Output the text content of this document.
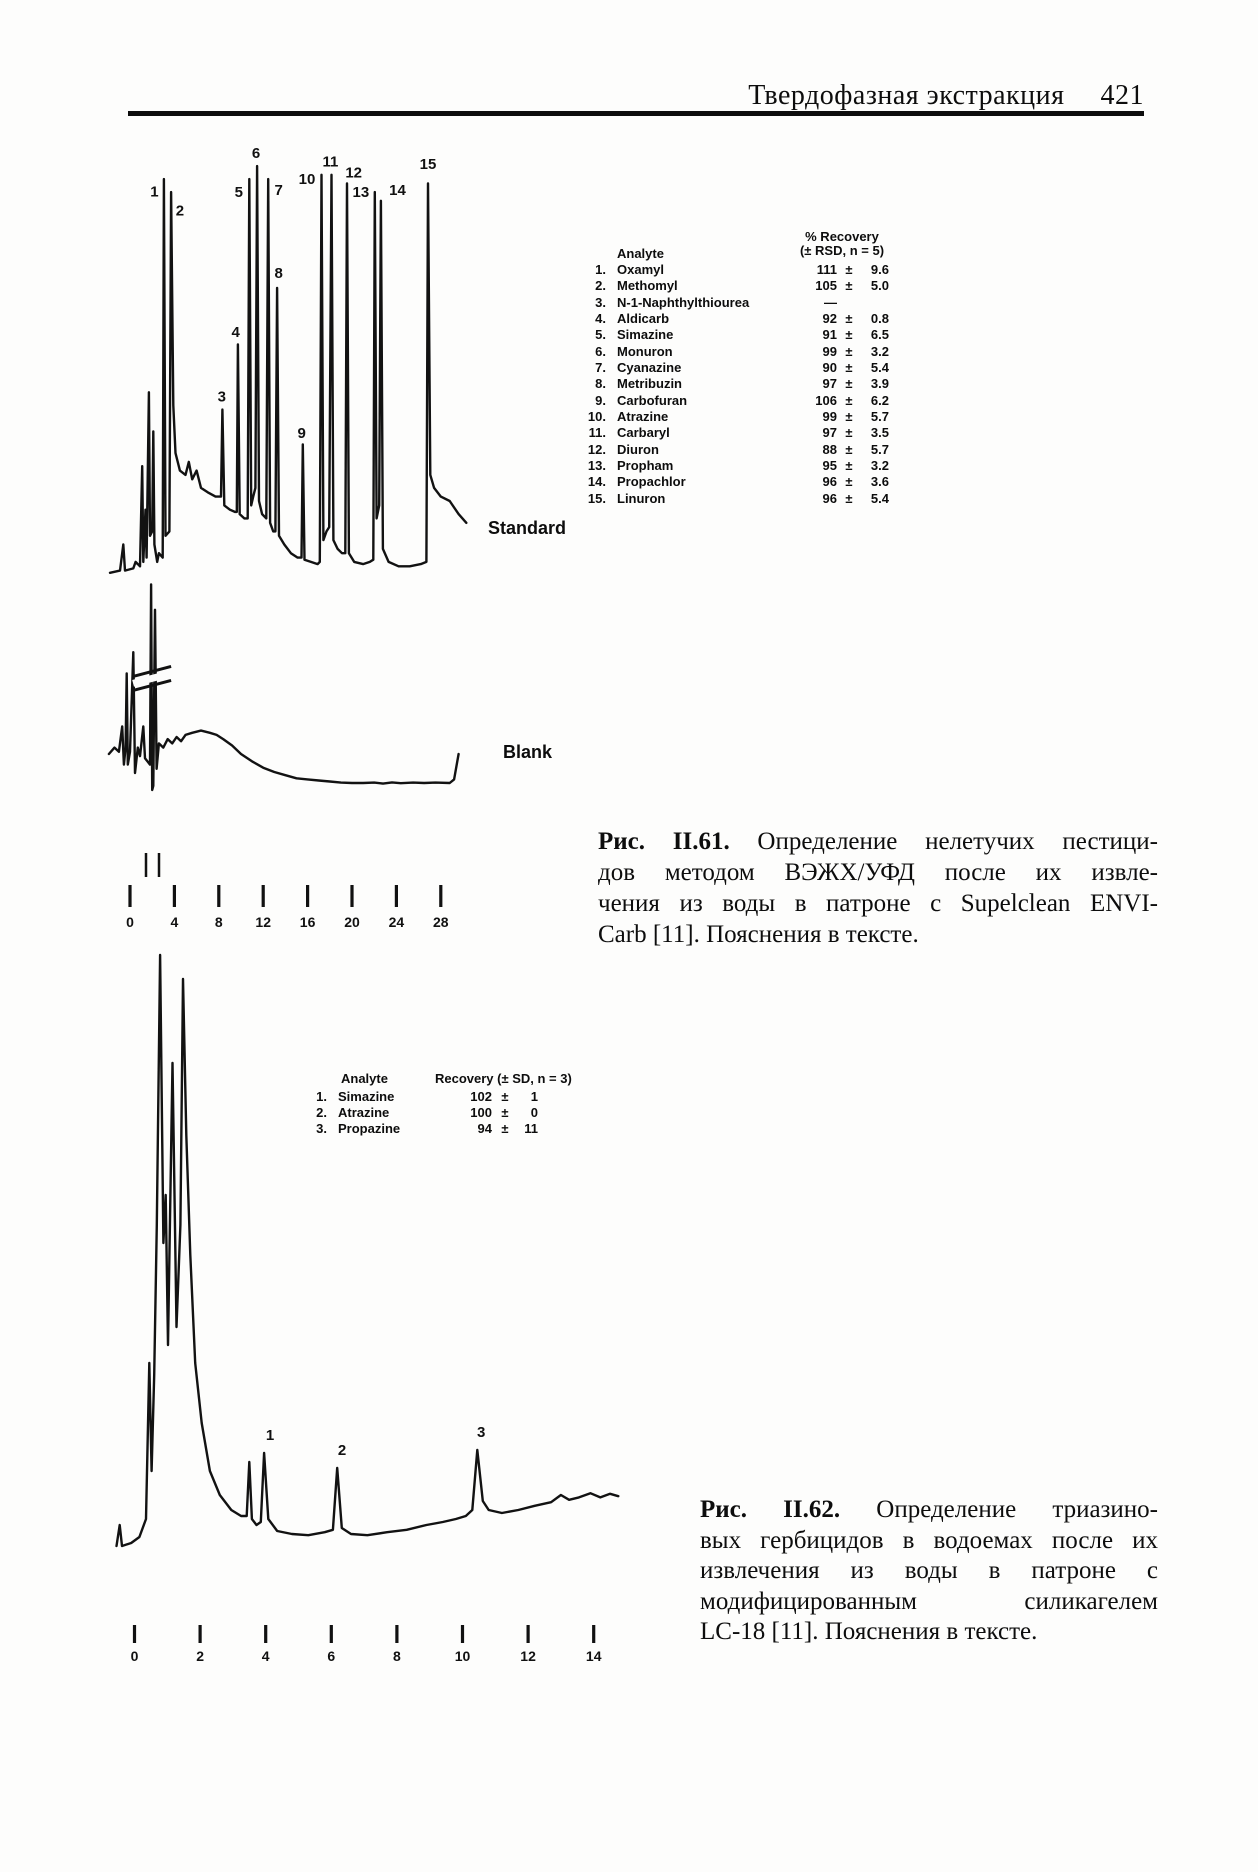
Твердофазная экстракция 421
1
2
3
4
5
6
7
8
9
10
11
12
13 14
15
Standard
Blank
0	4	8 12 16 20 24 28
Analyte
% Recovery
(± RSD, n = 5)
1. Oxamyl	111 ±	9.6
2. Methomyl	105 ±	5.0
3. N-1-Naphthylthiourea	—
4. Aldicarb	92 ±	0.8
5. Simazine	91 ±	6.5
6. Monuron	99 ±	3.2
7. Cyanazine	90 ±	5.4
8. Metribuzin	97 ±	3.9
9. Carbofuran	106 ±	6.2
10. Atrazine	99 ±	5.7
11. Carbaryl	97 ±	3.5
12. Diuron	88 ±	5.7
13. Propham	95 ±	3.2
14. Propachlor	96 ±	3.6
15. Linuron	96 ±	5.4
Рис. II.61. Определение нелетучих пестици-
дов методом ВЭЖХ/УФД после их извле-
чения из воды в патроне с Supelclean ENVI-
Carb [11]. Пояснения в тексте.
1
2
3
Analyte	Recovery (± SD, n = 3)
1. Simazine	102 ±	1
2. Atrazine	100 ±	0
3. Propazine	94 ±	11
0	2	4	6	8	10	12	14
Рис. II.62. Определение триазино-
вых гербицидов в водоемах после их
извлечения из воды в патроне с
модифицированным силикагелем
LC-18 [11]. Пояснения в тексте.
